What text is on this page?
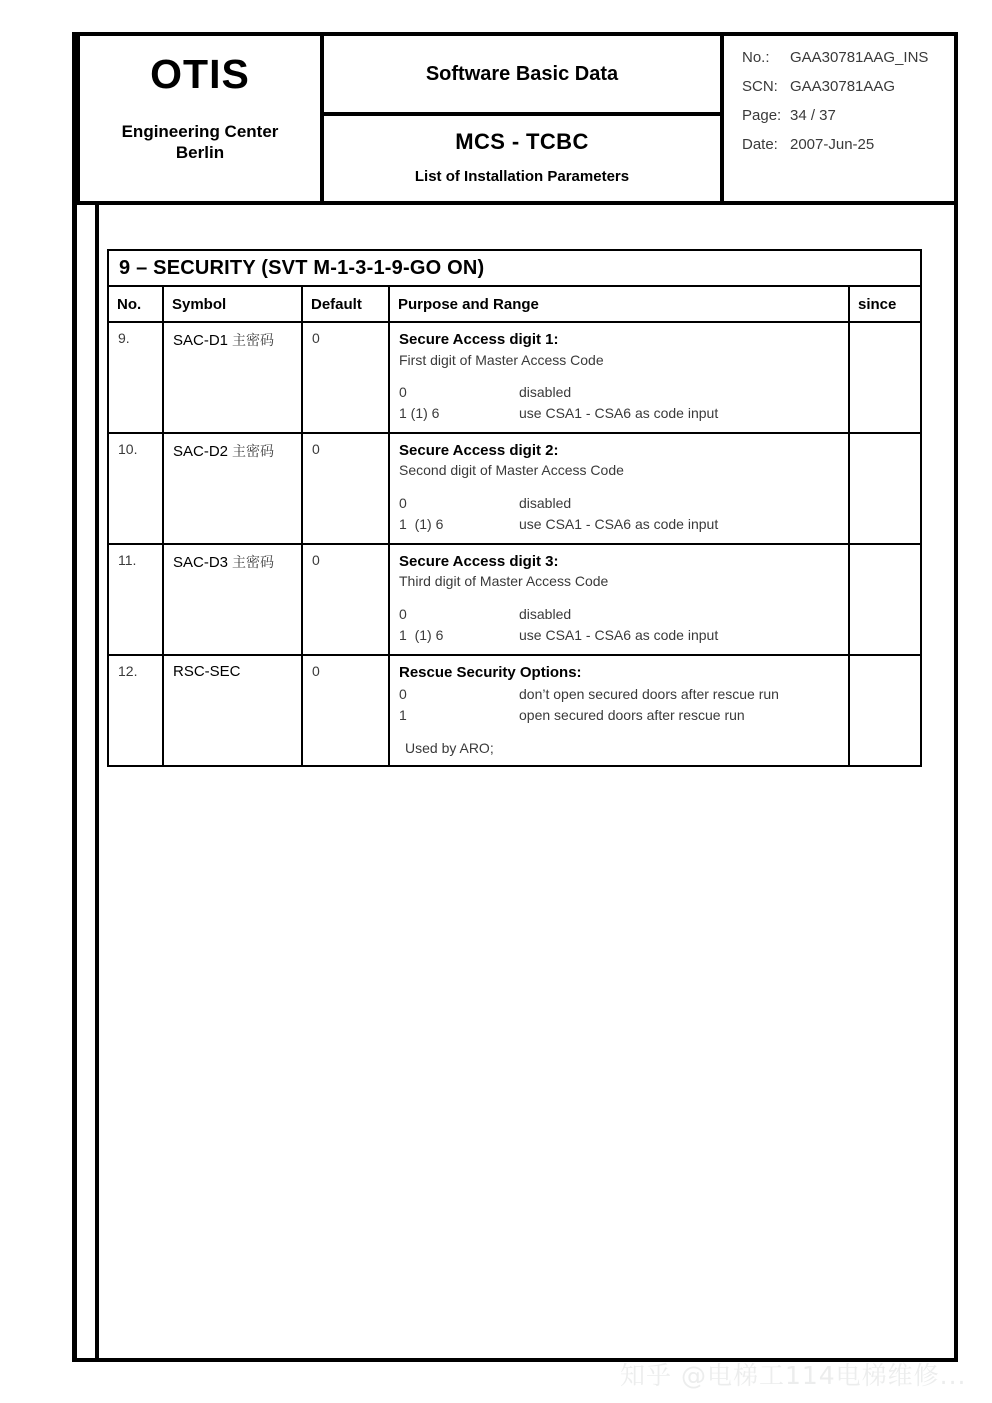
OTIS
Engineering Center
Berlin
Software Basic Data
MCS - TCBC
List of Installation Parameters
No.:	GAA30781AAG_INS
SCN: GAA30781AAG
Page: 34 / 37
Date: 2007-Jun-25
9 – SECURITY (SVT M-1-3-1-9-GO ON)				
No.	Symbol	Default	Purpose and Range	since
9.	SAC-D1 主密码	0	Secure Access digit 1:
First digit of Master Access Code
0	disabled
1 (1) 6	use CSA1 - CSA6 as code input

10.	SAC-D2 主密码	0	Secure Access digit 2:
Second digit of Master Access Code
0	disabled
1  (1) 6	use CSA1 - CSA6 as code input

11.	SAC-D3 主密码	0	Secure Access digit 3:
Third digit of Master Access Code
0	disabled
1  (1) 6	use CSA1 - CSA6 as code input

12.	RSC-SEC	0	Rescue Security Options:
0	don’t open secured doors after rescue run
1	open secured doors after rescue run
Used by ARO;

知乎 @电梯工114电梯维修...
